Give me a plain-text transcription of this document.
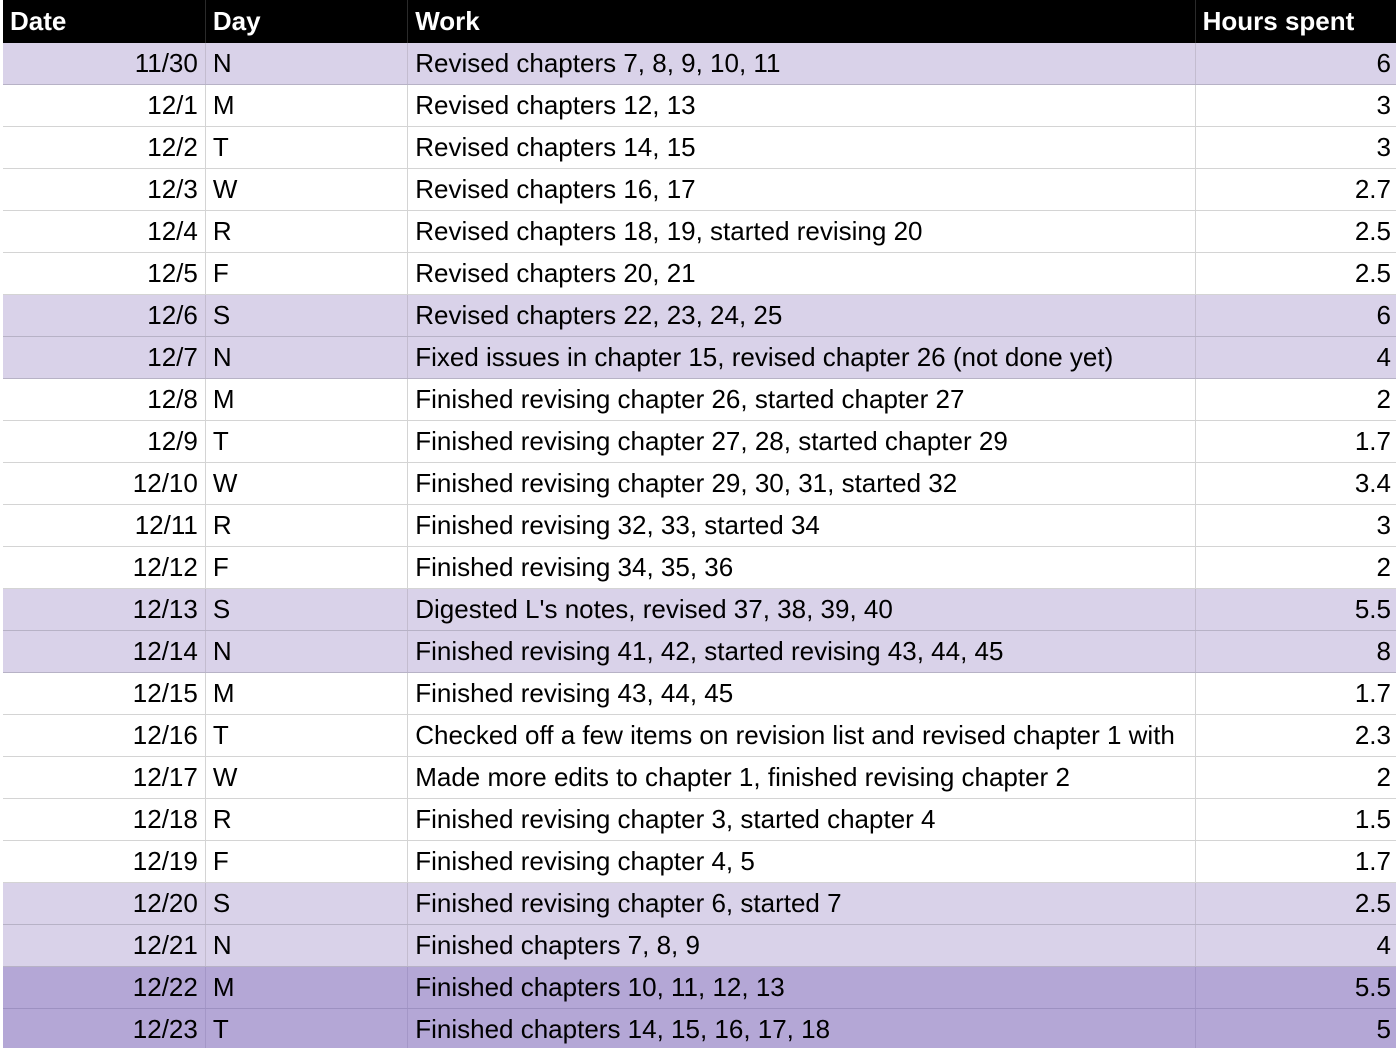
Date	Day	Work	Hours spent
11/30	N	Revised chapters 7, 8, 9, 10, 11	6
12/1	M	Revised chapters 12, 13	3
12/2	T	Revised chapters 14, 15	3
12/3	W	Revised chapters 16, 17	2.7
12/4	R	Revised chapters 18, 19, started revising 20	2.5
12/5	F	Revised chapters 20, 21	2.5
12/6	S	Revised chapters 22, 23, 24, 25	6
12/7	N	Fixed issues in chapter 15, revised chapter 26 (not done yet)	4
12/8	M	Finished revising chapter 26, started chapter 27	2
12/9	T	Finished revising chapter 27, 28, started chapter 29	1.7
12/10	W	Finished revising chapter 29, 30, 31, started 32	3.4
12/11	R	Finished revising 32, 33, started 34	3
12/12	F	Finished revising 34, 35, 36	2
12/13	S	Digested L's notes, revised 37, 38, 39, 40	5.5
12/14	N	Finished revising 41, 42, started revising 43, 44, 45	8
12/15	M	Finished revising 43, 44, 45	1.7
12/16	T	Checked off a few items on revision list and revised chapter 1 with	2.3
12/17	W	Made more edits to chapter 1, finished revising chapter 2	2
12/18	R	Finished revising chapter 3, started chapter 4	1.5
12/19	F	Finished revising chapter 4, 5	1.7
12/20	S	Finished revising chapter 6, started 7	2.5
12/21	N	Finished chapters 7, 8, 9	4
12/22	M	Finished chapters 10, 11, 12, 13	5.5
12/23	T	Finished chapters 14, 15, 16, 17, 18	5
